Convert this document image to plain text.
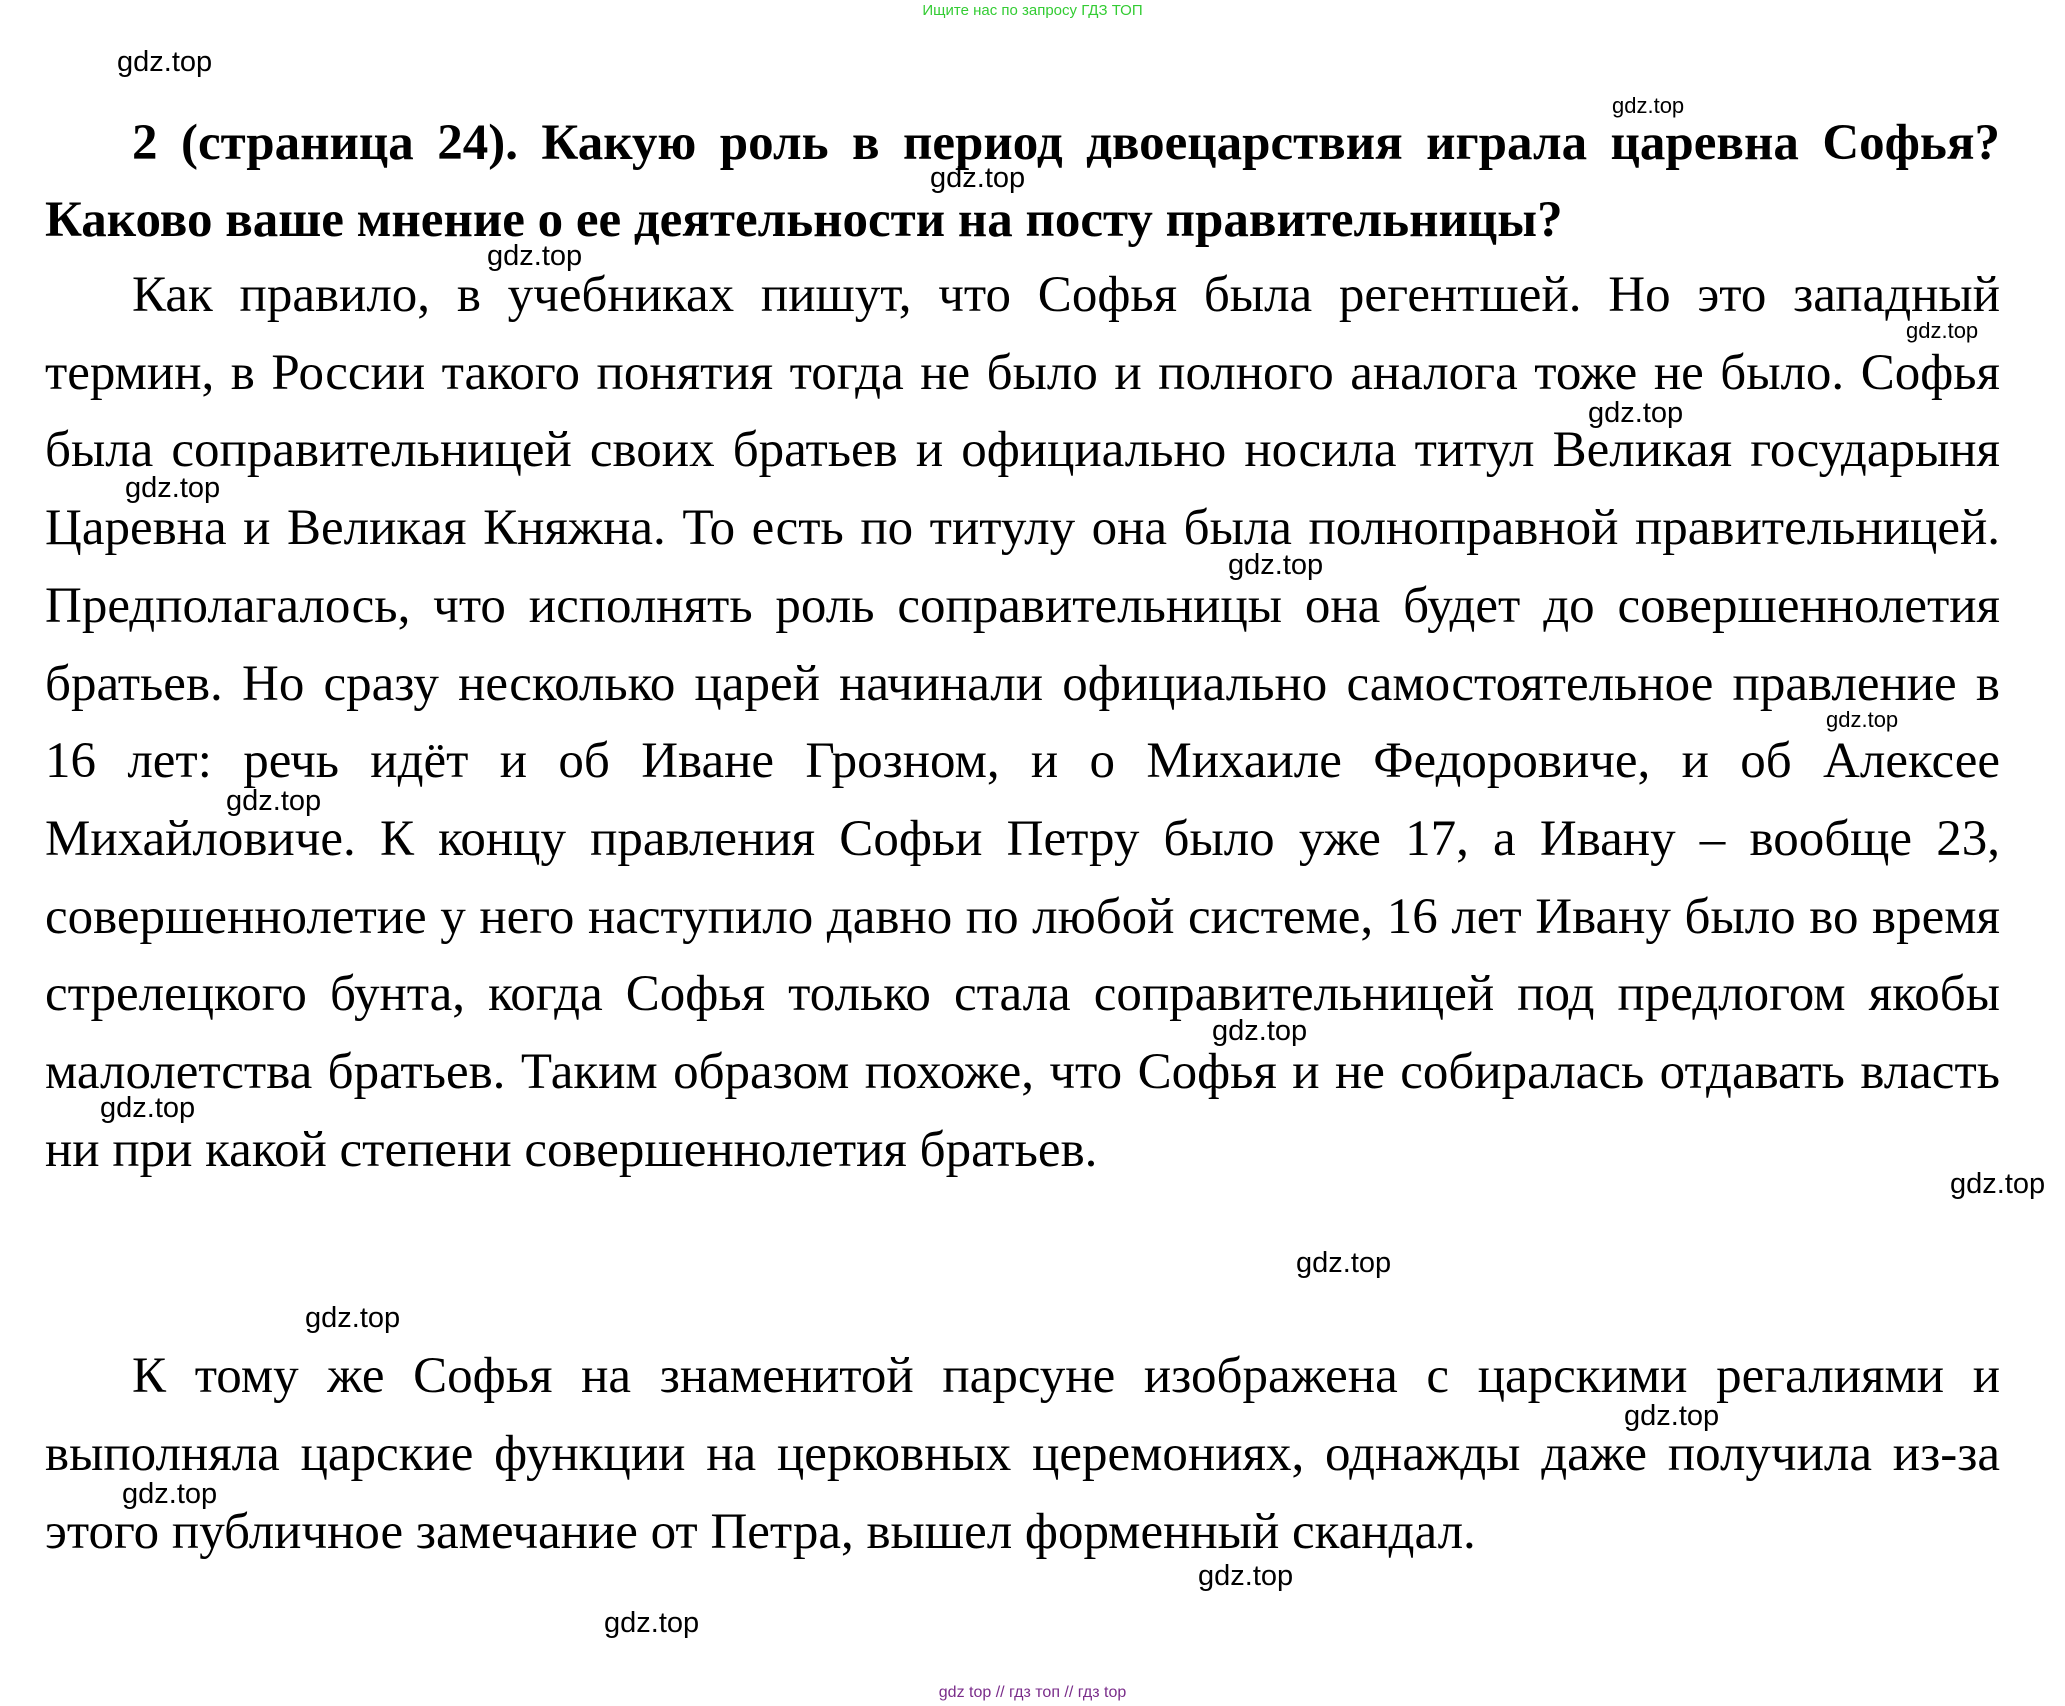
Ищите нас по запросу ГДЗ ТОП
2 (страница 24). Какую роль в период двоецарствия играла царевна Софья? Каково ваше мнение о ее деятельности на посту правительницы?
Как правило, в учебниках пишут, что Софья была регентшей. Но это западный термин, в России такого понятия тогда не было и полного аналога тоже не было. Софья была соправительницей своих братьев и официально носила титул Великая государыня Царевна и Великая Княжна. То есть по титулу она была полноправной правительницей. Предполагалось, что исполнять роль соправительницы она будет до совершеннолетия братьев. Но сразу несколько царей начинали официально самостоятельное правление в 16 лет: речь идёт и об Иване Грозном, и о Михаиле Федоровиче, и об Алексее Михайловиче. К концу правления Софьи Петру было уже 17, а Ивану – вообще 23, совершеннолетие у него наступило давно по любой системе, 16 лет Ивану было во время стрелецкого бунта, когда Софья только стала соправительницей под предлогом якобы малолетства братьев. Таким образом похоже, что Софья и не собиралась отдавать власть ни при какой степени совершеннолетия братьев.
К тому же Софья на знаменитой парсуне изображена с царскими регалиями и выполняла царские функции на церковных церемониях, однажды даже получила из-за этого публичное замечание от Петра, вышел форменный скандал.
gdz.top
gdz.top
gdz.top
gdz.top
gdz.top
gdz.top
gdz.top
gdz.top
gdz.top
gdz.top
gdz.top
gdz.top
gdz.top
gdz.top
gdz.top
gdz.top
gdz.top
gdz.top
gdz.top
gdz top // гдз топ // гдз top
